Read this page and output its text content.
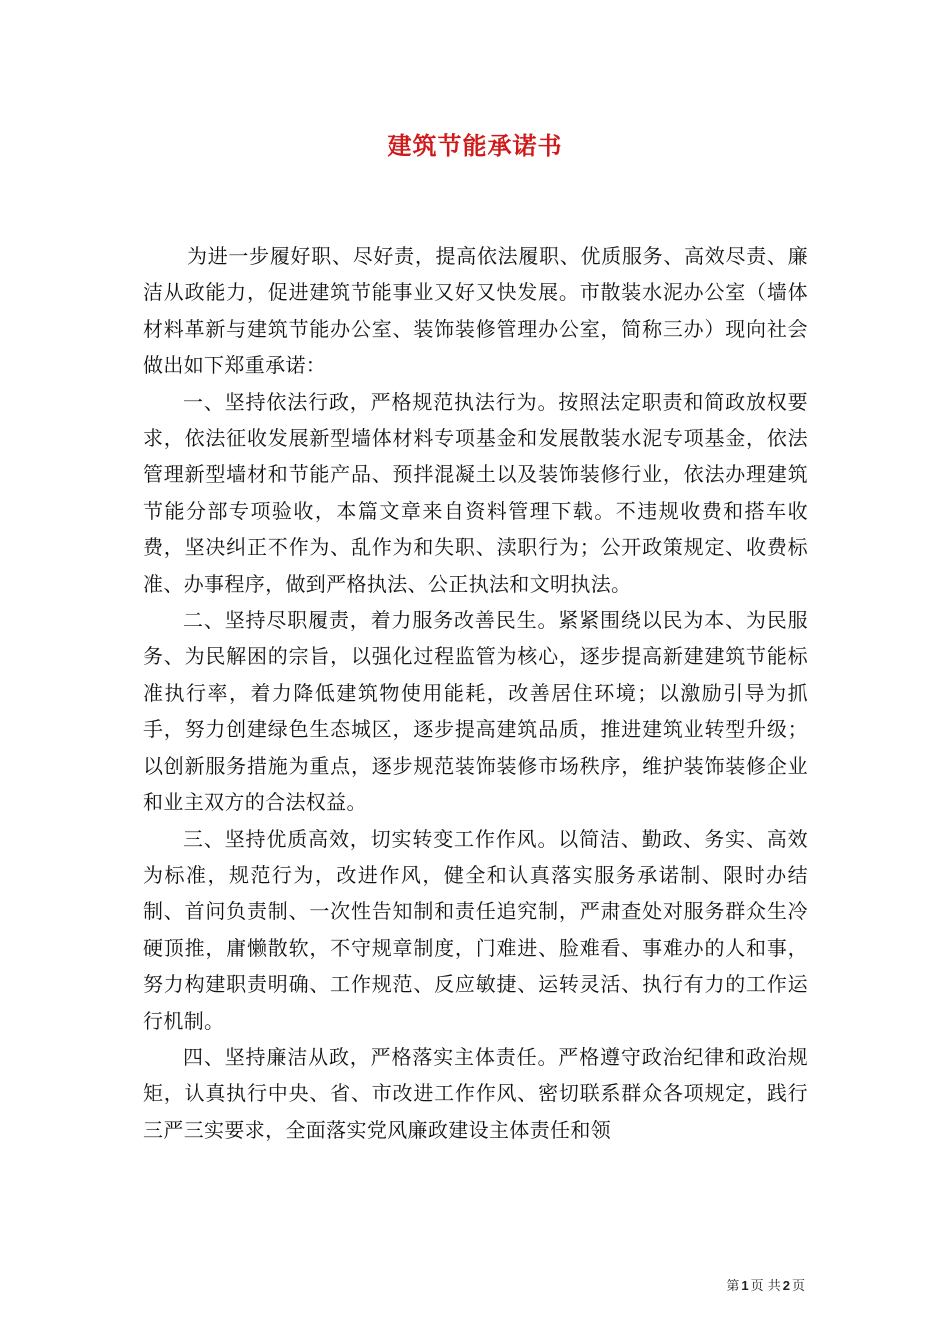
建筑节能承诺书

为进一步履好职、尽好责，提高依法履职、优质服务、高效尽责、廉洁从政能力，促进建筑节能事业又好又快发展。市散装水泥办公室（墙体材料革新与建筑节能办公室、装饰装修管理办公室，简称三办）现向社会做出如下郑重承诺：

一、坚持依法行政，严格规范执法行为。按照法定职责和简政放权要求，依法征收发展新型墙体材料专项基金和发展散装水泥专项基金，依法管理新型墙材和节能产品、预拌混凝土以及装饰装修行业，依法办理建筑节能分部专项验收，本篇文章来自资料管理下载。不违规收费和搭车收费，坚决纠正不作为、乱作为和失职、渎职行为；公开政策规定、收费标准、办事程序，做到严格执法、公正执法和文明执法。

二、坚持尽职履责，着力服务改善民生。紧紧围绕以民为本、为民服务、为民解困的宗旨，以强化过程监管为核心，逐步提高新建建筑节能标准执行率，着力降低建筑物使用能耗，改善居住环境；以激励引导为抓手，努力创建绿色生态城区，逐步提高建筑品质，推进建筑业转型升级；以创新服务措施为重点，逐步规范装饰装修市场秩序，维护装饰装修企业和业主双方的合法权益。

三、坚持优质高效，切实转变工作作风。以简洁、勤政、务实、高效为标准，规范行为，改进作风，健全和认真落实服务承诺制、限时办结制、首问负责制、一次性告知制和责任追究制，严肃查处对服务群众生冷硬顶推，庸懒散软，不守规章制度，门难进、脸难看、事难办的人和事，努力构建职责明确、工作规范、反应敏捷、运转灵活、执行有力的工作运行机制。

四、坚持廉洁从政，严格落实主体责任。严格遵守政治纪律和政治规矩，认真执行中央、省、市改进工作作风、密切联系群众各项规定，践行三严三实要求，全面落实党风廉政建设主体责任和领

第 1 页 共 2 页
